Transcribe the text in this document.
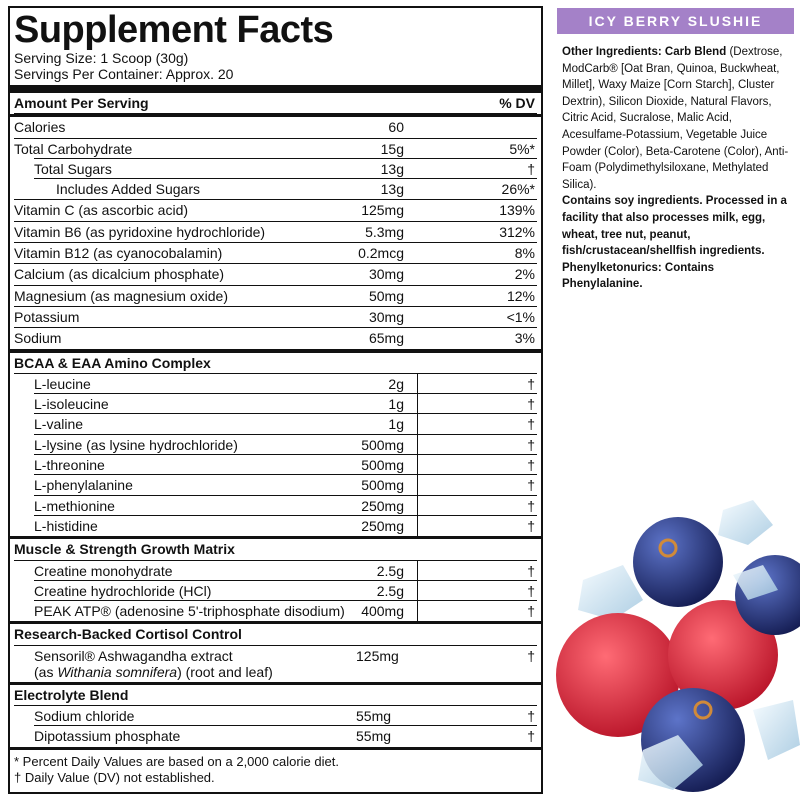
Supplement Facts
Serving Size: 1 Scoop (30g)
Servings Per Container: Approx. 20
Amount Per Serving	% DV
Calories	60
Total Carbohydrate	15g	5%*
Total Sugars	13g	†
Includes Added Sugars	13g	26%*
Vitamin C (as ascorbic acid)	125mg	139%
Vitamin B6 (as pyridoxine hydrochloride)	5.3mg	312%
Vitamin B12 (as cyanocobalamin)	0.2mcg	8%
Calcium (as dicalcium phosphate)	30mg	2%
Magnesium (as magnesium oxide)	50mg	12%
Potassium	30mg	<1%
Sodium	65mg	3%
BCAA & EAA Amino Complex
L-leucine	2g	†
L-isoleucine	1g	†
L-valine	1g	†
L-lysine (as lysine hydrochloride)	500mg	†
L-threonine	500mg	†
L-phenylalanine	500mg	†
L-methionine	250mg	†
L-histidine	250mg	†
Muscle & Strength Growth Matrix
Creatine monohydrate	2.5g	†
Creatine hydrochloride (HCl)	2.5g	†
PEAK ATP® (adenosine 5'-triphosphate disodium)	400mg	†
Research-Backed Cortisol Control
Sensoril® Ashwagandha extract
(as Withania somnifera) (root and leaf)
125mg	†
Electrolyte Blend
Sodium chloride	55mg	†
Dipotassium phosphate	55mg	†
* Percent Daily Values are based on a 2,000 calorie diet.
† Daily Value (DV) not established.
ICY BERRY SLUSHIE
Other Ingredients: Carb Blend (Dextrose, ModCarb® [Oat Bran, Quinoa, Buckwheat, Millet], Waxy Maize [Corn Starch], Cluster Dextrin), Silicon Dioxide, Natural Flavors, Citric Acid, Sucralose, Malic Acid, Acesulfame-Potassium, Vegetable Juice Powder (Color), Beta-Carotene (Color), Anti-Foam (Polydimethylsiloxane, Methylated Silica).
Contains soy ingredients. Processed in a facility that also processes milk, egg, wheat, tree nut, peanut, fish/crustacean/shellfish ingredients. Phenylketonurics: Contains Phenylalanine.
